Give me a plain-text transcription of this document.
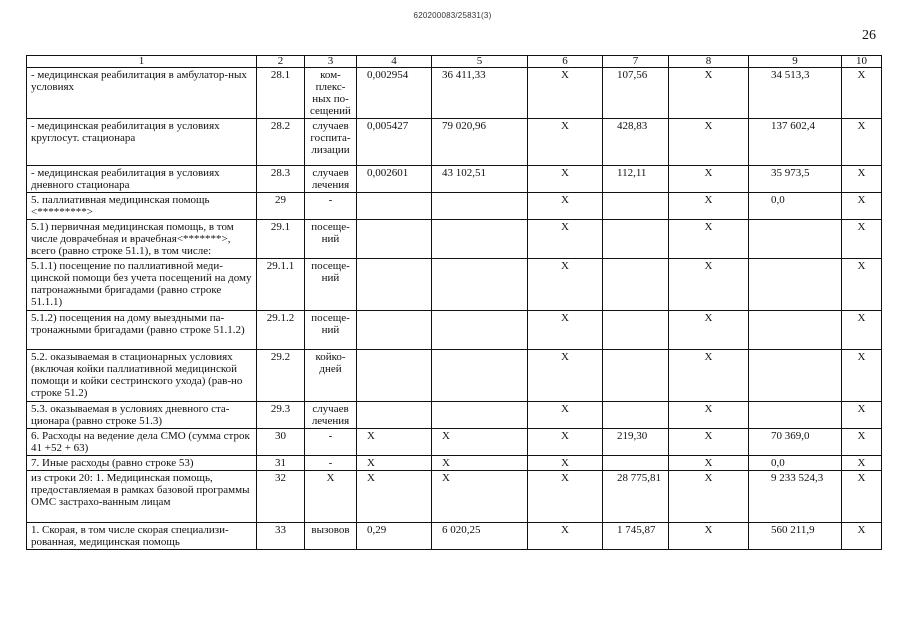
620200083/25831(3)
26
1	2	3	4	5	6	7	8	9	10
- медицинская реабилитация в амбулатор-ных условиях	28.1	ком-плекс-ных по-сещений	0,002954	36 411,33	X	107,56	X	34 513,3	X
- медицинская реабилитация в условиях круглосут. стационара	28.2	случаев госпита-лизации	0,005427	79 020,96	X	428,83	X	137 602,4	X
- медицинская реабилитация в условиях дневного стационара	28.3	случаев лечения	0,002601	43 102,51	X	112,11	X	35 973,5	X
5. паллиативная медицинская помощь <*********>	29	-			X		X	0,0	X
5.1) первичная медицинская помощь, в том числе доврачебная и врачебная<*******>, всего (равно строке 51.1), в том числе:	29.1	посеще-ний			X		X		X
5.1.1) посещение по паллиативной меди-цинской помощи без учета посещений на дому патронажными бригадами (равно строке 51.1.1)	29.1.1	посеще-ний			X		X		X
5.1.2) посещения на дому выездными па-тронажными бригадами (равно строке 51.1.2)	29.1.2	посеще-ний			X		X		X
5.2. оказываемая в стационарных условиях (включая койки паллиативной медицинской помощи и койки сестринского ухода) (рав-но строке 51.2)	29.2	койко-дней			X		X		X
5.3. оказываемая в условиях дневного ста-ционара (равно строке 51.3)	29.3	случаев лечения			X		X		X
6. Расходы на ведение дела СМО (сумма строк 41 +52 + 63)	30	-	X	X	X	219,30	X	70 369,0	X
7. Иные расходы (равно строке 53)	31	-	X	X	X		X	0,0	X
из строки 20: 1. Медицинская помощь, предоставляемая в рамках базовой программы ОМС застрахо-ванным лицам	32	X	X	X	X	28 775,81	X	9 233 524,3	X
1. Скорая, в том числе скорая специализи-рованная, медицинская помощь	33	вызовов	0,29	6 020,25	X	1 745,87	X	560 211,9	X
